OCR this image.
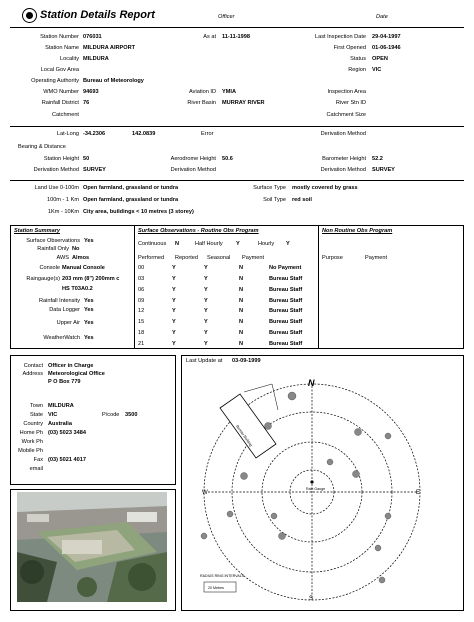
Station Details Report	Officer	Date
Station Number 076031	As at 11-11-1998	Last Inspection Date 29-04-1997
Station Name MILDURA AIRPORT	First Opened 01-06-1946
Locality MILDURA	Status OPEN
Local Gov Area	Region VIC
Operating Authority Bureau of Meteorology
WMO Number 94693	Aviation ID YMIA	Inspection Area
Rainfall District 76	River Basin MURRAY RIVER	River Stn ID
Catchment	Catchment Size
Lat-Long -34.2306	142.0839	Error	Derivation Method
Bearing & Distance
Station Height 50	Aerodrome Height 50.6	Barometer Height 52.2
Derivation Method SURVEY	Derivation Method	Derivation Method SURVEY
Land Use 0-100m Open farmland, grassland or tundra	Surface Type mostly covered by grass
100m - 1 Km Open farmland, grassland or tundra	Soil Type red soil
1Km - 10Km City area, buildings < 10 metres (3 storey)
Station Summary
Surface Observations Yes
Rainfall Only No
AWS Almos
Console Manual Console
Raingauge(s) 203 mm (8") 200mm c
HS T03A0.2
Rainfall Intensity Yes
Data Logger Yes
Upper Air Yes
WeatherWatch Yes
Surface Observations - Routine Obs Program
Continuous N	Half Hourly Y	Hourly Y
Performed Reported Seasonal Payment
00	Y	Y	N	No Payment
03	Y	Y	N	Bureau Staff
06	Y	Y	N	Bureau Staff
09	Y	Y	N	Bureau Staff
12	Y	Y	N	Bureau Staff
15	Y	Y	N	Bureau Staff
18	Y	Y	N	Bureau Staff
21	Y	Y	N	Bureau Staff
Non Routine Obs Program
Purpose	Payment
Contact Officer in Charge
Address Meteorological Office
P O Box 779
Town MILDURA
State VIC	P/code 3500
Country Australia
Home Ph (03) 5023 3484
Work Ph
Mobile Ph
Fax (03) 5021 4017
email
Last Update at 03-09-1999
N
S
E
W
Bureau Building
Rain Gauge
RADIUS RING INTERVALS
20 Metres
